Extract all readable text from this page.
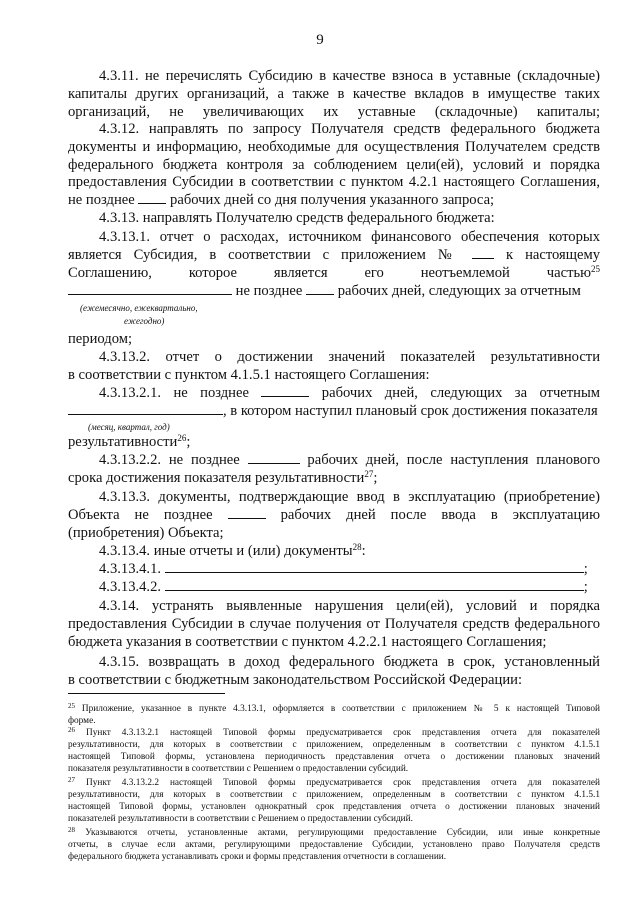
9
4.3.11. не перечислять Субсидию в качестве взноса в уставные (складочные)
капиталы других организаций, а также в качестве вкладов в имуществе таких
организаций, не увеличивающих их уставные (складочные) капиталы;
4.3.12. направлять по запросу Получателя средств федерального бюджета
документы и информацию, необходимые для осуществления Получателем средств
федерального бюджета контроля за соблюдением цели(ей), условий и порядка
предоставления Субсидии в соответствии с пунктом 4.2.1 настоящего Соглашения,
не позднее рабочих дней со дня получения указанного запроса;
4.3.13. направлять Получателю средств федерального бюджета:
4.3.13.1. отчет о расходах, источником финансового обеспечения которых
является Субсидия, в соответствии с приложением №	к настоящему
Соглашению, которое является его неотъемлемой частью$^{25}$
не позднее рабочих дней, следующих за отчетным
(ежемесячно, ежеквартально,
ежегодно)
периодом;
4.3.13.2. отчет о достижении значений показателей результативности
в соответствии с пунктом 4.1.5.1 настоящего Соглашения:
4.3.13.2.1. не позднее	рабочих дней, следующих за отчетным
, в котором наступил плановый срок достижения показателя
(месяц, квартал, год)
результативности$^{26}$;
4.3.13.2.2. не позднее	рабочих дней, после наступления планового
срока достижения показателя результативности$^{27}$;
4.3.13.3. документы, подтверждающие ввод в эксплуатацию (приобретение)
Объекта не позднее	рабочих дней после ввода в эксплуатацию
(приобретения) Объекта;
4.3.13.4. иные отчеты и (или) документы$^{28}$:
4.3.13.4.1.	;
4.3.13.4.2.	;
4.3.14. устранять выявленные нарушения цели(ей), условий и порядка
предоставления Субсидии в случае получения от Получателя средств федерального
бюджета указания в соответствии с пунктом 4.2.2.1 настоящего Соглашения;
4.3.15. возвращать в доход федерального бюджета в срок, установленный
в соответствии с бюджетным законодательством Российской Федерации:
$^{25}$ Приложение, указанное в пункте 4.3.13.1, оформляется в соответствии с приложением № 5 к настоящей Типовой
форме.
$^{26}$ Пункт 4.3.13.2.1 настоящей Типовой формы предусматривается срок представления отчета для показателей
результативности, для которых в соответствии с приложением, определенным в соответствии с пунктом 4.1.5.1
настоящей Типовой формы, установлена периодичность представления отчета о достижении плановых значений
показателя результативности в соответствии с Решением о предоставлении субсидий.
$^{27}$ Пункт 4.3.13.2.2 настоящей Типовой формы предусматривается срок представления отчета для показателей
результативности, для которых в соответствии с приложением, определенным в соответствии с пунктом 4.1.5.1
настоящей Типовой формы, установлен однократный срок представления отчета о достижении плановых значений
показателей результативности в соответствии с Решением о предоставлении субсидий.
$^{28}$ Указываются отчеты, установленные актами, регулирующими предоставление Субсидии, или иные конкретные
отчеты, в случае если актами, регулирующими предоставление Субсидии, установлено право Получателя средств
федерального бюджета устанавливать сроки и формы представления отчетности в соглашении.
